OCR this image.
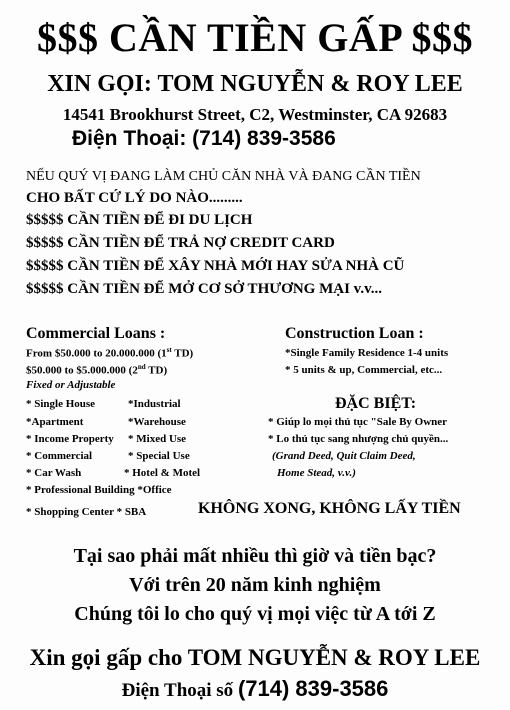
$$$ CẦN TIỀN GẤP $$$
XIN GỌI: TOM NGUYỄN & ROY LEE
14541 Brookhurst Street, C2, Westminster, CA 92683
Điện Thoại: (714) 839-3586
NẾU QUÝ VỊ ĐANG LÀM CHỦ CĂN NHÀ VÀ ĐANG CẦN TIỀN
CHO BẤT CỨ LÝ DO NÀO.........
$$$$$ CẦN TIỀN ĐỂ ĐI DU LỊCH
$$$$$ CẦN TIỀN ĐỂ TRẢ NỢ CREDIT CARD
$$$$$ CẦN TIỀN ĐỂ XÂY NHÀ MỚI HAY SỬA NHÀ CŨ
$$$$$ CẦN TIỀN ĐỂ MỞ CƠ SỞ THƯƠNG MẠI v.v...
Commercial Loans :
From $50.000 to 20.000.000 (1st TD)
$50.000 to $5.000.000 (2nd TD)
Fixed or Adjustable
* Single House
*Apartment
* Income Property
* Commercial
* Car Wash
*Industrial
*Warehouse
* Mixed Use
* Special Use
* Hotel & Motel
* Professional Building *Office
* Shopping Center * SBA
Construction Loan :
*Single Family Residence 1-4 units
* 5 units & up, Commercial, etc...
ĐẶC BIỆT:
* Giúp lo mọi thủ tục "Sale By Owner
* Lo thủ tục sang nhượng chủ quyền...
(Grand Deed, Quit Claim Deed,
Home Stead, v.v.)
KHÔNG XONG, KHÔNG LẤY TIỀN
Tại sao phải mất nhiều thì giờ và tiền bạc?
Với trên 20 năm kinh nghiệm
Chúng tôi lo cho quý vị mọi việc từ A tới Z
Xin gọi gấp cho TOM NGUYỄN & ROY LEE
Điện Thoại số (714) 839-3586
